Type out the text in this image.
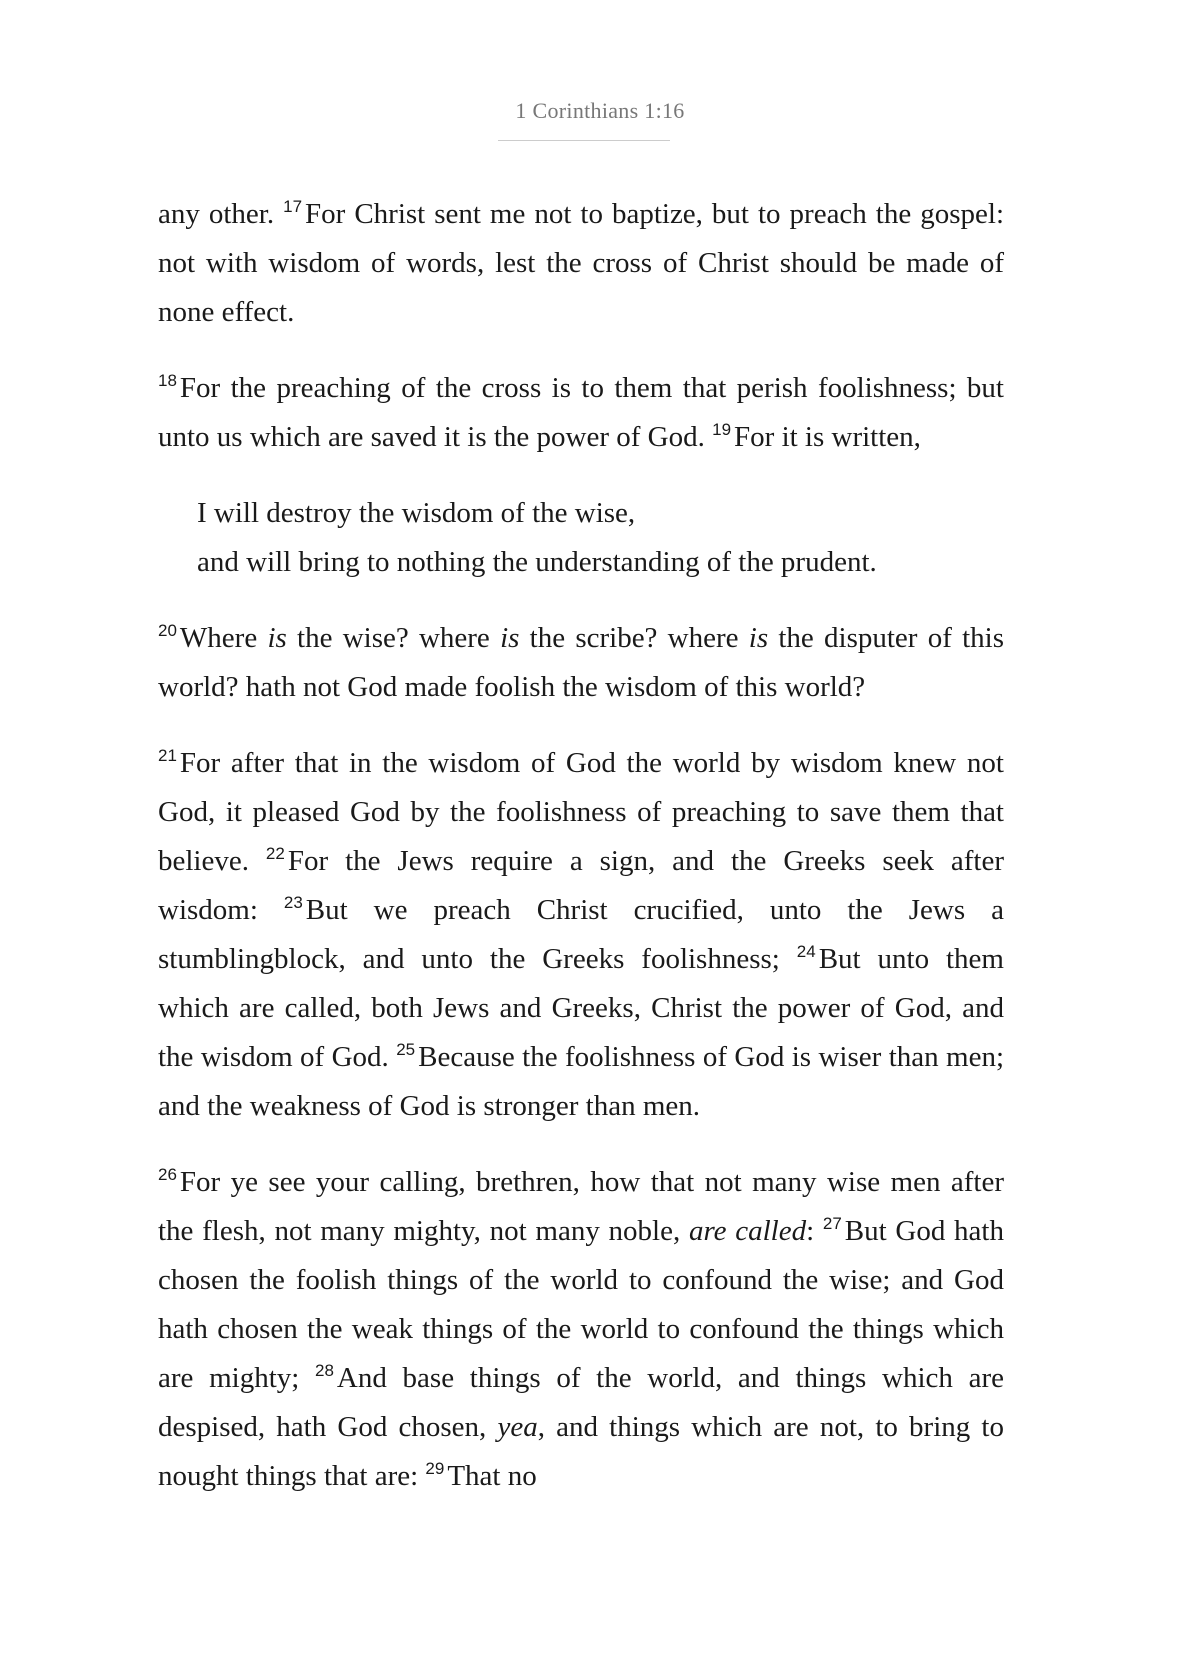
1 Corinthians 1:16

any other. $^{17}$ For Christ sent me not to baptize, but to preach the gospel: not with wisdom of words, lest the cross of Christ should be made of none effect.

$^{18}$ For the preaching of the cross is to them that perish foolishness; but unto us which are saved it is the power of God. $^{19}$ For it is written,

I will destroy the wisdom of the wise,
and will bring to nothing the understanding of the prudent.

$^{20}$ Where is the wise? where is the scribe? where is the disputer of this world? hath not God made foolish the wisdom of this world?

$^{21}$ For after that in the wisdom of God the world by wisdom knew not God, it pleased God by the foolishness of preaching to save them that believe. $^{22}$ For the Jews require a sign, and the Greeks seek after wisdom: $^{23}$ But we preach Christ crucified, unto the Jews a stumblingblock, and unto the Greeks foolishness; $^{24}$ But unto them which are called, both Jews and Greeks, Christ the power of God, and the wisdom of God. $^{25}$ Because the foolishness of God is wiser than men; and the weakness of God is stronger than men.

$^{26}$ For ye see your calling, brethren, how that not many wise men after the flesh, not many mighty, not many noble, are called: $^{27}$ But God hath chosen the foolish things of the world to confound the wise; and God hath chosen the weak things of the world to confound the things which are mighty; $^{28}$ And base things of the world, and things which are despised, hath God chosen, yea, and things which are not, to bring to nought things that are: $^{29}$ That no
